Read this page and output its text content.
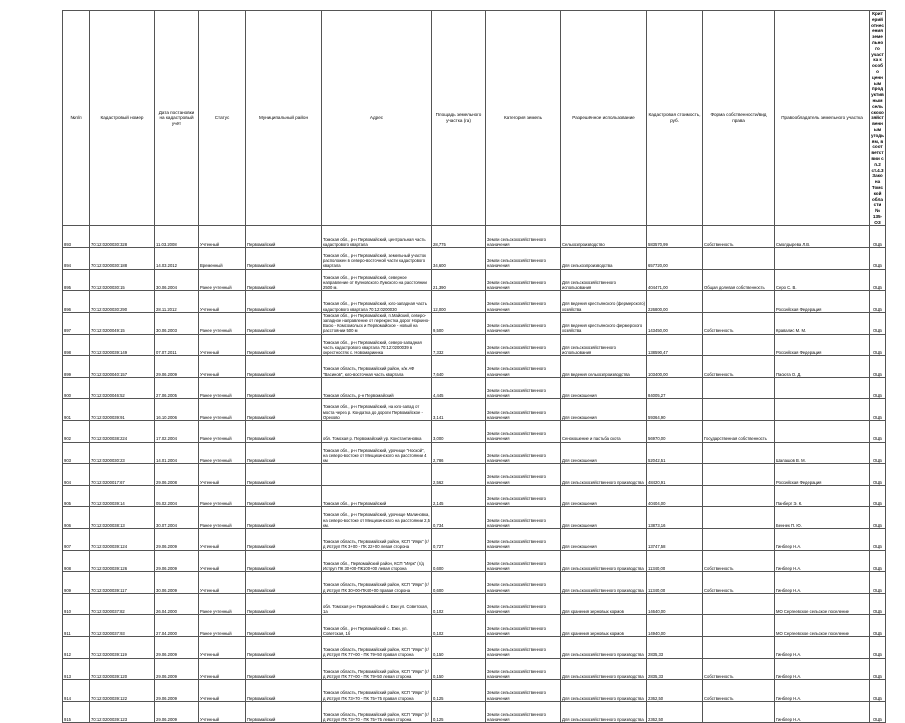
№п/п	Кадастровый номер	Дата постановки на кадастровый учёт	Статус	Муниципальный район	Адрес	Площадь земельного участка (га)	Категория земель	Разрешённое использование	Кадастровая стоимость, руб.	Форма собственности/вид права	Правообладатель земельного участка	Критерий отнесения земельного участка к особо ценным продуктивным сельскохозяйственным угодьям, в соответствии с п.2 ст.4.3 Закона Томской области № 135-ОЗ
893	70:12:0200030:328	11.03.2008	Учтенный	Первомайский	Томская обл., р-н Первомайский, центральная часть кадастрового квартала	28,775	Земли сельскохозяйственного назначения	Сельхозпроизводство	583570,99	Собственность	Смолдырева Л.В.	ОЦБ
894	70:12:0200030:188	14.03.2012	Временный	Первомайский	Томская обл., р-н Первомайский, земельный участок расположен в северо-восточной части кадастрового квартала	34,600	Земли сельскохозяйственного назначения	Для сельхозпроизводства	657720,00			ОЦБ
895	70:12:0200030:15	30.06.2004	Ранее учтенный	Первомайский	Томская обл., р-н Первомайский, северное направление от Куяновского Лумского на расстоянии 2500 м.	21,390	Земли сельскохозяйственного назначения	Для сельскохозяйственного использования	404471,00	Общая долевая собственность	Серо С. В.	ОЦБ
896	70:12:0200030:290	28.11.2012	Учтенный	Первомайский	Томская обл., р-н Первомайский, юго-западная часть кадастрового квартала 70:12:0200030	12,000	Земли сельскохозяйственного назначения	Для ведения крестьянского (фермерского) хозяйства	226800,00		Российская Федерация	ОЦБ
897	70:12:0200049:15	30.06.2003	Ранее учтенный	Первомайский	Томская обл., р-н Первомайский, п.Майский, северо-западное направление от перекрестка дорог Норкино-Васю - Комсомольск и Первомайское - новый на расстоянии 500 м	9,500	Земли сельскохозяйственного назначения	Для ведения крестьянского фермерского хозяйства	143450,00	Собственность	Кравалис М. М.	ОЦБ
898	70:12:0200039:149	07.07.2011	Учтенный	Первомайский	Томская обл., р-н Первомайский, северо-западная часть кадастрового квартала 70:12:0200039 в окрестностях с. Новомариинка	7,332	Земли сельскохозяйственного назначения	Для сельскохозяйственного использования	138590,47		Российская Федерация	ОЦБ
899	70:12:0200040:157	29.06.2009	Учтенный	Первомайский	Томская область, Первомайский район, к/ж АФ "Васинов", юго-восточная часть квартала	7,640	Земли сельскохозяйственного назначения	Для ведения сельхозпроизводства	103400,00	Собственность	Пасюта О. Д.	ОЦБ
900	70:12:0200046:52	27.06.2005	Ранее учтенный	Первомайский	Томская область, р-н Первомайский	4,445	Земли сельскохозяйственного назначения	Для сенокошения	84005,27			ОЦБ
901	70:12:0200039:91	16.10.2006	Ранее учтенный	Первомайский	Томская обл., р-н Первомайский, на юго-запад от моста через р. Кондатка до дороги Первомайское - Орехово	3,141	Земли сельскохозяйственного назначения	Для сенокошения	59364,90			ОЦБ
902	70:12:0200038:224	17.02.2004	Ранее учтенный	Первомайский	обл. Томская р. Первомайский ур. Константиновка	3,000	Земли сельскохозяйственного назначения	Сенокошение и пастьба скота	56970,00	Государственная собственность		ОЦБ
903	70:12:0200030:23	14.01.2004	Ранее учтенный	Первомайский	Томская обл., р-н Первомайский, урочище "Ноской", на северо-востоке от Мещихинского на расстоянии 4 км	2,786	Земли сельскохозяйственного назначения	Для сенокошения	52042,51		Шалашов В. М.	ОЦБ
904	70:12:0200017:67	29.06.2008	Учтенный	Первомайский		2,562	Земли сельскохозяйственного назначения	Для сельскохозяйственного производства	48420,91		Российская Федерация	ОЦБ
905	70:12:0200039:14	05.02.2004	Ранее учтенный	Первомайский	Томская обл., р-н Первомайский	2,145	Земли сельскохозяйственного назначения	Для сенокошения	40404,00		Панберг Э. К.	ОЦБ
906	70:12:0200038:13	30.07.2004	Ранее учтенный	Первомайский	Томская обл., р-н Первомайский, урочище Малиновка, на северо-востоке от Мещихинского на расстоянии 2,5 км.	0,734	Земли сельскохозяйственного назначения	Для сенокошения	13873,16		Беннек П. Ю.	ОЦБ
907	70:12:0200039:124	29.06.2009	Учтенный	Первомайский	Томская область, Первомайский район, КСП "Иярк" (г/д Иструп ПК 3+00 - ПК 22+00 левая сторона	0,727	Земли сельскохозяйственного назначения	Для сенокошения	13747,58		Гинблер Н.А.	ОЦБ
908	70:12:0200039:126	29.06.2009	Учтенный	Первомайский	Томская обл., Первомайский район, КСП "Иярк" (г/д Иструп ПК 30+00-ПК100+00 левая сторона	0,600	Земли сельскохозяйственного назначения	Для сельскохозяйственного производства	11340,00	Собственность	Гинблер Н.А.	ОЦБ
909	70:12:0200039:117	30.06.2009	Учтенный	Первомайский	Томская область, Первомайский район, КСП "Иярк" (г/д Иструп ПК 30+00-ПК40+00 правая сторона	0,600	Земли сельскохозяйственного назначения	Для сельскохозяйственного производства	11340,00	Собственность	Гинблер Н.А.	ОЦБ
910	70:12:0200037:82	26.04.2000	Ранее учтенный	Первомайский	обл. Томская р-н Первомайский с. Ежи ул. Советская, 1а	0,102	Земли сельскохозяйственного назначения	Для хранения зерновых кормов	14640,00		МО Сергеевское сельское поселение	ОЦБ
911	70:12:0200037:93	27.04.2000	Ранее учтенный	Первомайский	Томская обл., р-н Первомайский с. Ежи, ул. Советская, 1б	0,102	Земли сельскохозяйственного назначения	Для хранения зерновых кормов	14940,00		МО Сергеевское сельское поселение	ОЦБ
912	70:12:0200039:119	29.06.2009	Учтенный	Первомайский	Томская область, Первомайский район, КСП "Иярк" (г/д Иструп ПК 77+00 - ПК 79+50 правая сторона	0,150	Земли сельскохозяйственного назначения	Для сельскохозяйственного производства	2835,33		Гинблер Н.А.	ОЦБ
913	70:12:0200039:120	29.06.2009	Учтенный	Первомайский	Томская область, Первомайский район, КСП "Иярк" (г/д Иструп ПК 77+00 - ПК 79+50 левая сторона	0,150	Земли сельскохозяйственного назначения	Для сельскохозяйственного производства	2835,33	Собственность	Гинблер Н.А.	ОЦБ
914	70:12:0200039:122	29.06.2009	Учтенный	Первомайский	Томская область, Первомайский район, КСП "Иярк" (г/д Иструп ПК 73+70 - ПК 75+75 правая сторона	0,125	Земли сельскохозяйственного назначения	Для сельскохозяйственного производства	2362,50	Собственность	Гинблер Н.А.	ОЦБ
915	70:12:0200039:123	29.06.2009	Учтенный	Первомайский	Томская область, Первомайский район, КСП "Иярк" (г/д Иструп ПК 73+70 - ПК 75+75 левая сторона	0,125	Земли сельскохозяйственного назначения	Для сельскохозяйственного производства	2362,50		Гинблер Н.А.	ОЦБ
